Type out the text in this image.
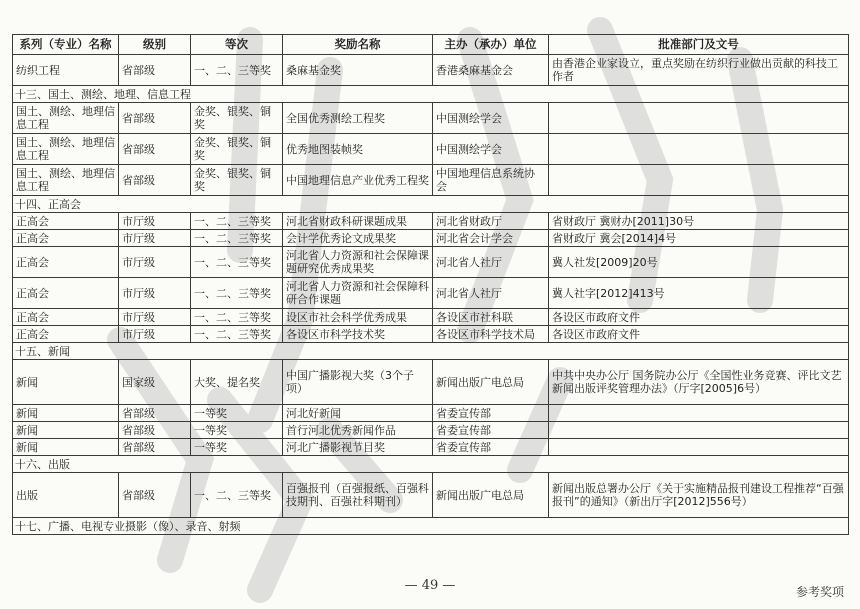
系列（专业）名称	级别	等次	奖励名称	主办（承办）单位	批准部门及文号
纺织工程	省部级	一、二、三等奖	桑麻基金奖	香港桑麻基金会	由香港企业家设立，重点奖励在纺织行业做出贡献的科技工作者
十三、国土、测绘、地理、信息工程					
国土、测绘、地理信息工程	省部级	金奖、银奖、铜奖	全国优秀测绘工程奖	中国测绘学会	
国土、测绘、地理信息工程	省部级	金奖、银奖、铜奖	优秀地图装帧奖	中国测绘学会	
国土、测绘、地理信息工程	省部级	金奖、银奖、铜奖	中国地理信息产业优秀工程奖	中国地理信息系统协会	
十四、正高会					
正高会	市厅级	一、二、三等奖	河北省财政科研课题成果	河北省财政厅	省财政厅 冀财办[2011]30号
正高会	市厅级	一、二、三等奖	会计学优秀论文成果奖	河北省会计学会	省财政厅 冀会[2014]4号
正高会	市厅级	一、二、三等奖	河北省人力资源和社会保障课题研究优秀成果奖	河北省人社厅	冀人社发[2009]20号
正高会	市厅级	一、二、三等奖	河北省人力资源和社会保障科研合作课题	河北省人社厅	冀人社字[2012]413号
正高会	市厅级	一、二、三等奖	设区市社会科学优秀成果	各设区市社科联	各设区市政府文件
正高会	市厅级	一、二、三等奖	各设区市科学技术奖	各设区市科学技术局	各设区市政府文件
十五、新闻					
新闻	国家级	大奖、提名奖	中国广播影视大奖（3个子项）	新闻出版广电总局	中共中央办公厅 国务院办公厅《全国性业务竞赛、评比文艺新闻出版评奖管理办法》（厅字[2005]6号）
新闻	省部级	一等奖	河北好新闻	省委宣传部	
新闻	省部级	一等奖	首行河北优秀新闻作品	省委宣传部	
新闻	省部级	一等奖	河北广播影视节目奖	省委宣传部	
十六、出版					
出版	省部级	一、二、三等奖	百强报刊（百强报纸、百强科技期刊、百强社科期刊）	新闻出版广电总局	新闻出版总署办公厅《关于实施精品报刊建设工程推荐“百强报刊”的通知》（新出厅字[2012]556号）
十七、广播、电视专业摄影（像）、录音、射频					
— 49 —	参考奖项
